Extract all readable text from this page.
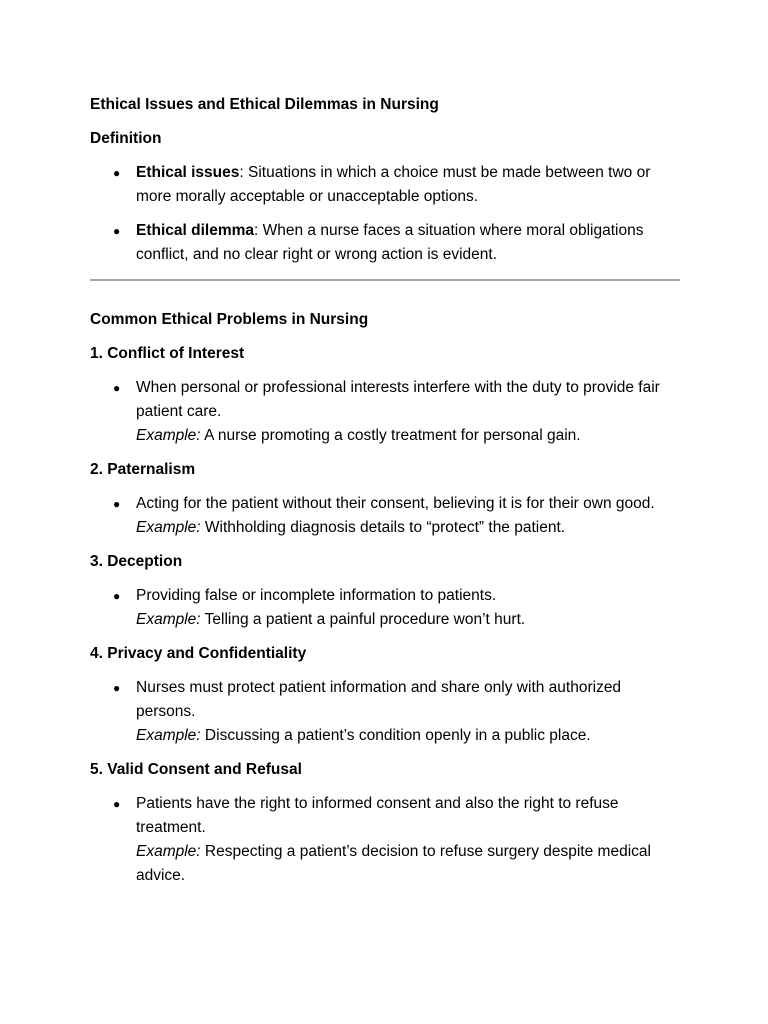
Ethical Issues and Ethical Dilemmas in Nursing
Definition
● Ethical issues: Situations in which a choice must be made between two or more morally acceptable or unacceptable options.
● Ethical dilemma: When a nurse faces a situation where moral obligations conflict, and no clear right or wrong action is evident.
Common Ethical Problems in Nursing
1. Conflict of Interest
● When personal or professional interests interfere with the duty to provide fair patient care.
Example: A nurse promoting a costly treatment for personal gain.
2. Paternalism
● Acting for the patient without their consent, believing it is for their own good.
Example: Withholding diagnosis details to “protect” the patient.
3. Deception
● Providing false or incomplete information to patients.
Example: Telling a patient a painful procedure won’t hurt.
4. Privacy and Confidentiality
● Nurses must protect patient information and share only with authorized persons.
Example: Discussing a patient’s condition openly in a public place.
5. Valid Consent and Refusal
● Patients have the right to informed consent and also the right to refuse treatment.
Example: Respecting a patient’s decision to refuse surgery despite medical advice.
